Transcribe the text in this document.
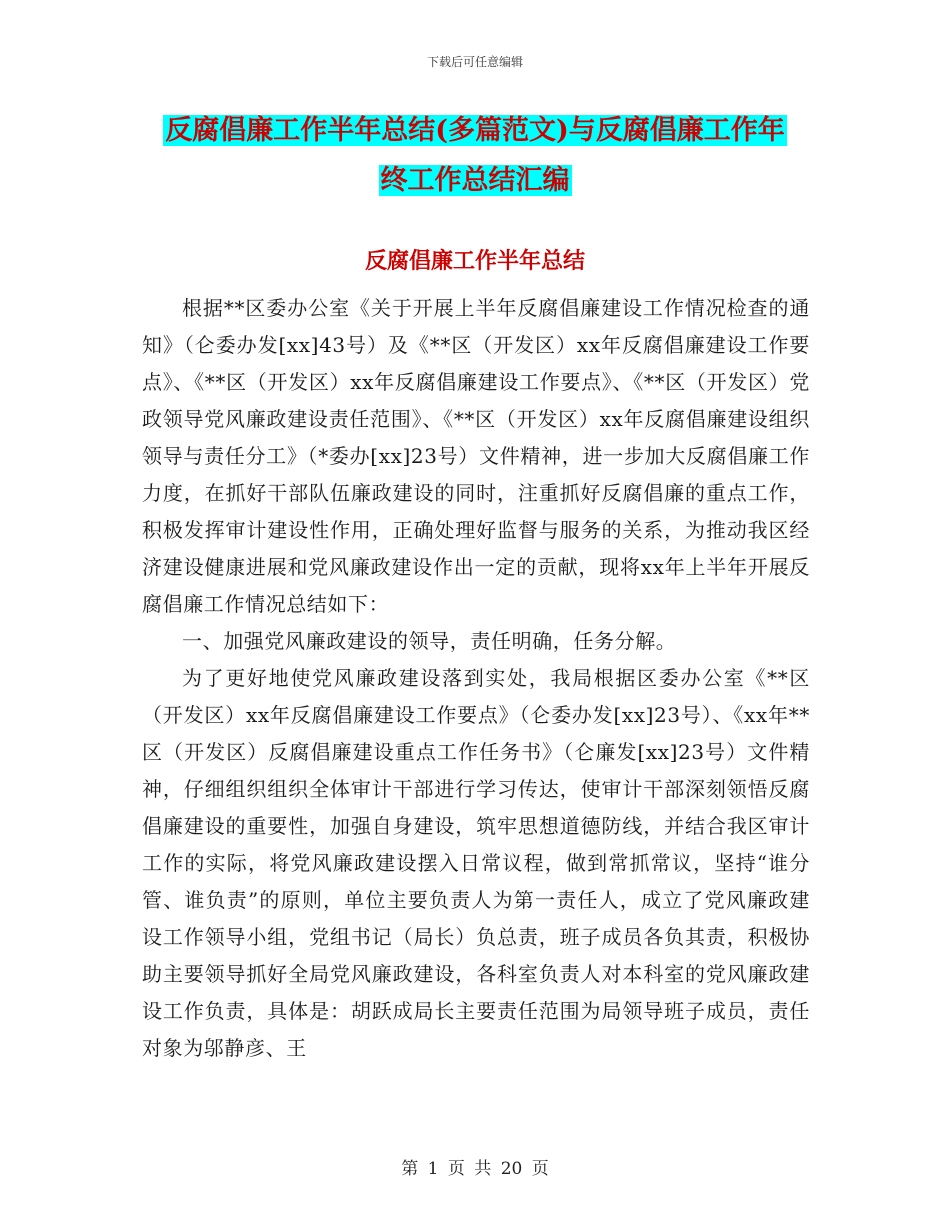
下载后可任意编辑
反腐倡廉工作半年总结(多篇范文)与反腐倡廉工作年
终工作总结汇编
反腐倡廉工作半年总结

根据**区委办公室《关于开展上半年反腐倡廉建设工作情况检查的通知》（仑委办发[xx]43号）及《**区（开发区）xx年反腐倡廉建设工作要点》、《**区（开发区）xx年反腐倡廉建设工作要点》、《**区（开发区）党政领导党风廉政建设责任范围》、《**区（开发区）xx年反腐倡廉建设组织领导与责任分工》（*委办[xx]23号）文件精神，进一步加大反腐倡廉工作力度，在抓好干部队伍廉政建设的同时，注重抓好反腐倡廉的重点工作，积极发挥审计建设性作用，正确处理好监督与服务的关系，为推动我区经济建设健康进展和党风廉政建设作出一定的贡献，现将xx年上半年开展反腐倡廉工作情况总结如下：

一、加强党风廉政建设的领导，责任明确，任务分解。

为了更好地使党风廉政建设落到实处，我局根据区委办公室《**区（开发区）xx年反腐倡廉建设工作要点》（仑委办发[xx]23号）、《xx年**区（开发区）反腐倡廉建设重点工作任务书》（仑廉发[xx]23号）文件精神，仔细组织组织全体审计干部进行学习传达，使审计干部深刻领悟反腐倡廉建设的重要性，加强自身建设，筑牢思想道德防线，并结合我区审计工作的实际，将党风廉政建设摆入日常议程，做到常抓常议，坚持“谁分管、谁负责”的原则，单位主要负责人为第一责任人，成立了党风廉政建设工作领导小组，党组书记（局长）负总责，班子成员各负其责，积极协助主要领导抓好全局党风廉政建设，各科室负责人对本科室的党风廉政建设工作负责，具体是：胡跃成局长主要责任范围为局领导班子成员，责任对象为邬静彦、王

第 1 页 共 20 页
